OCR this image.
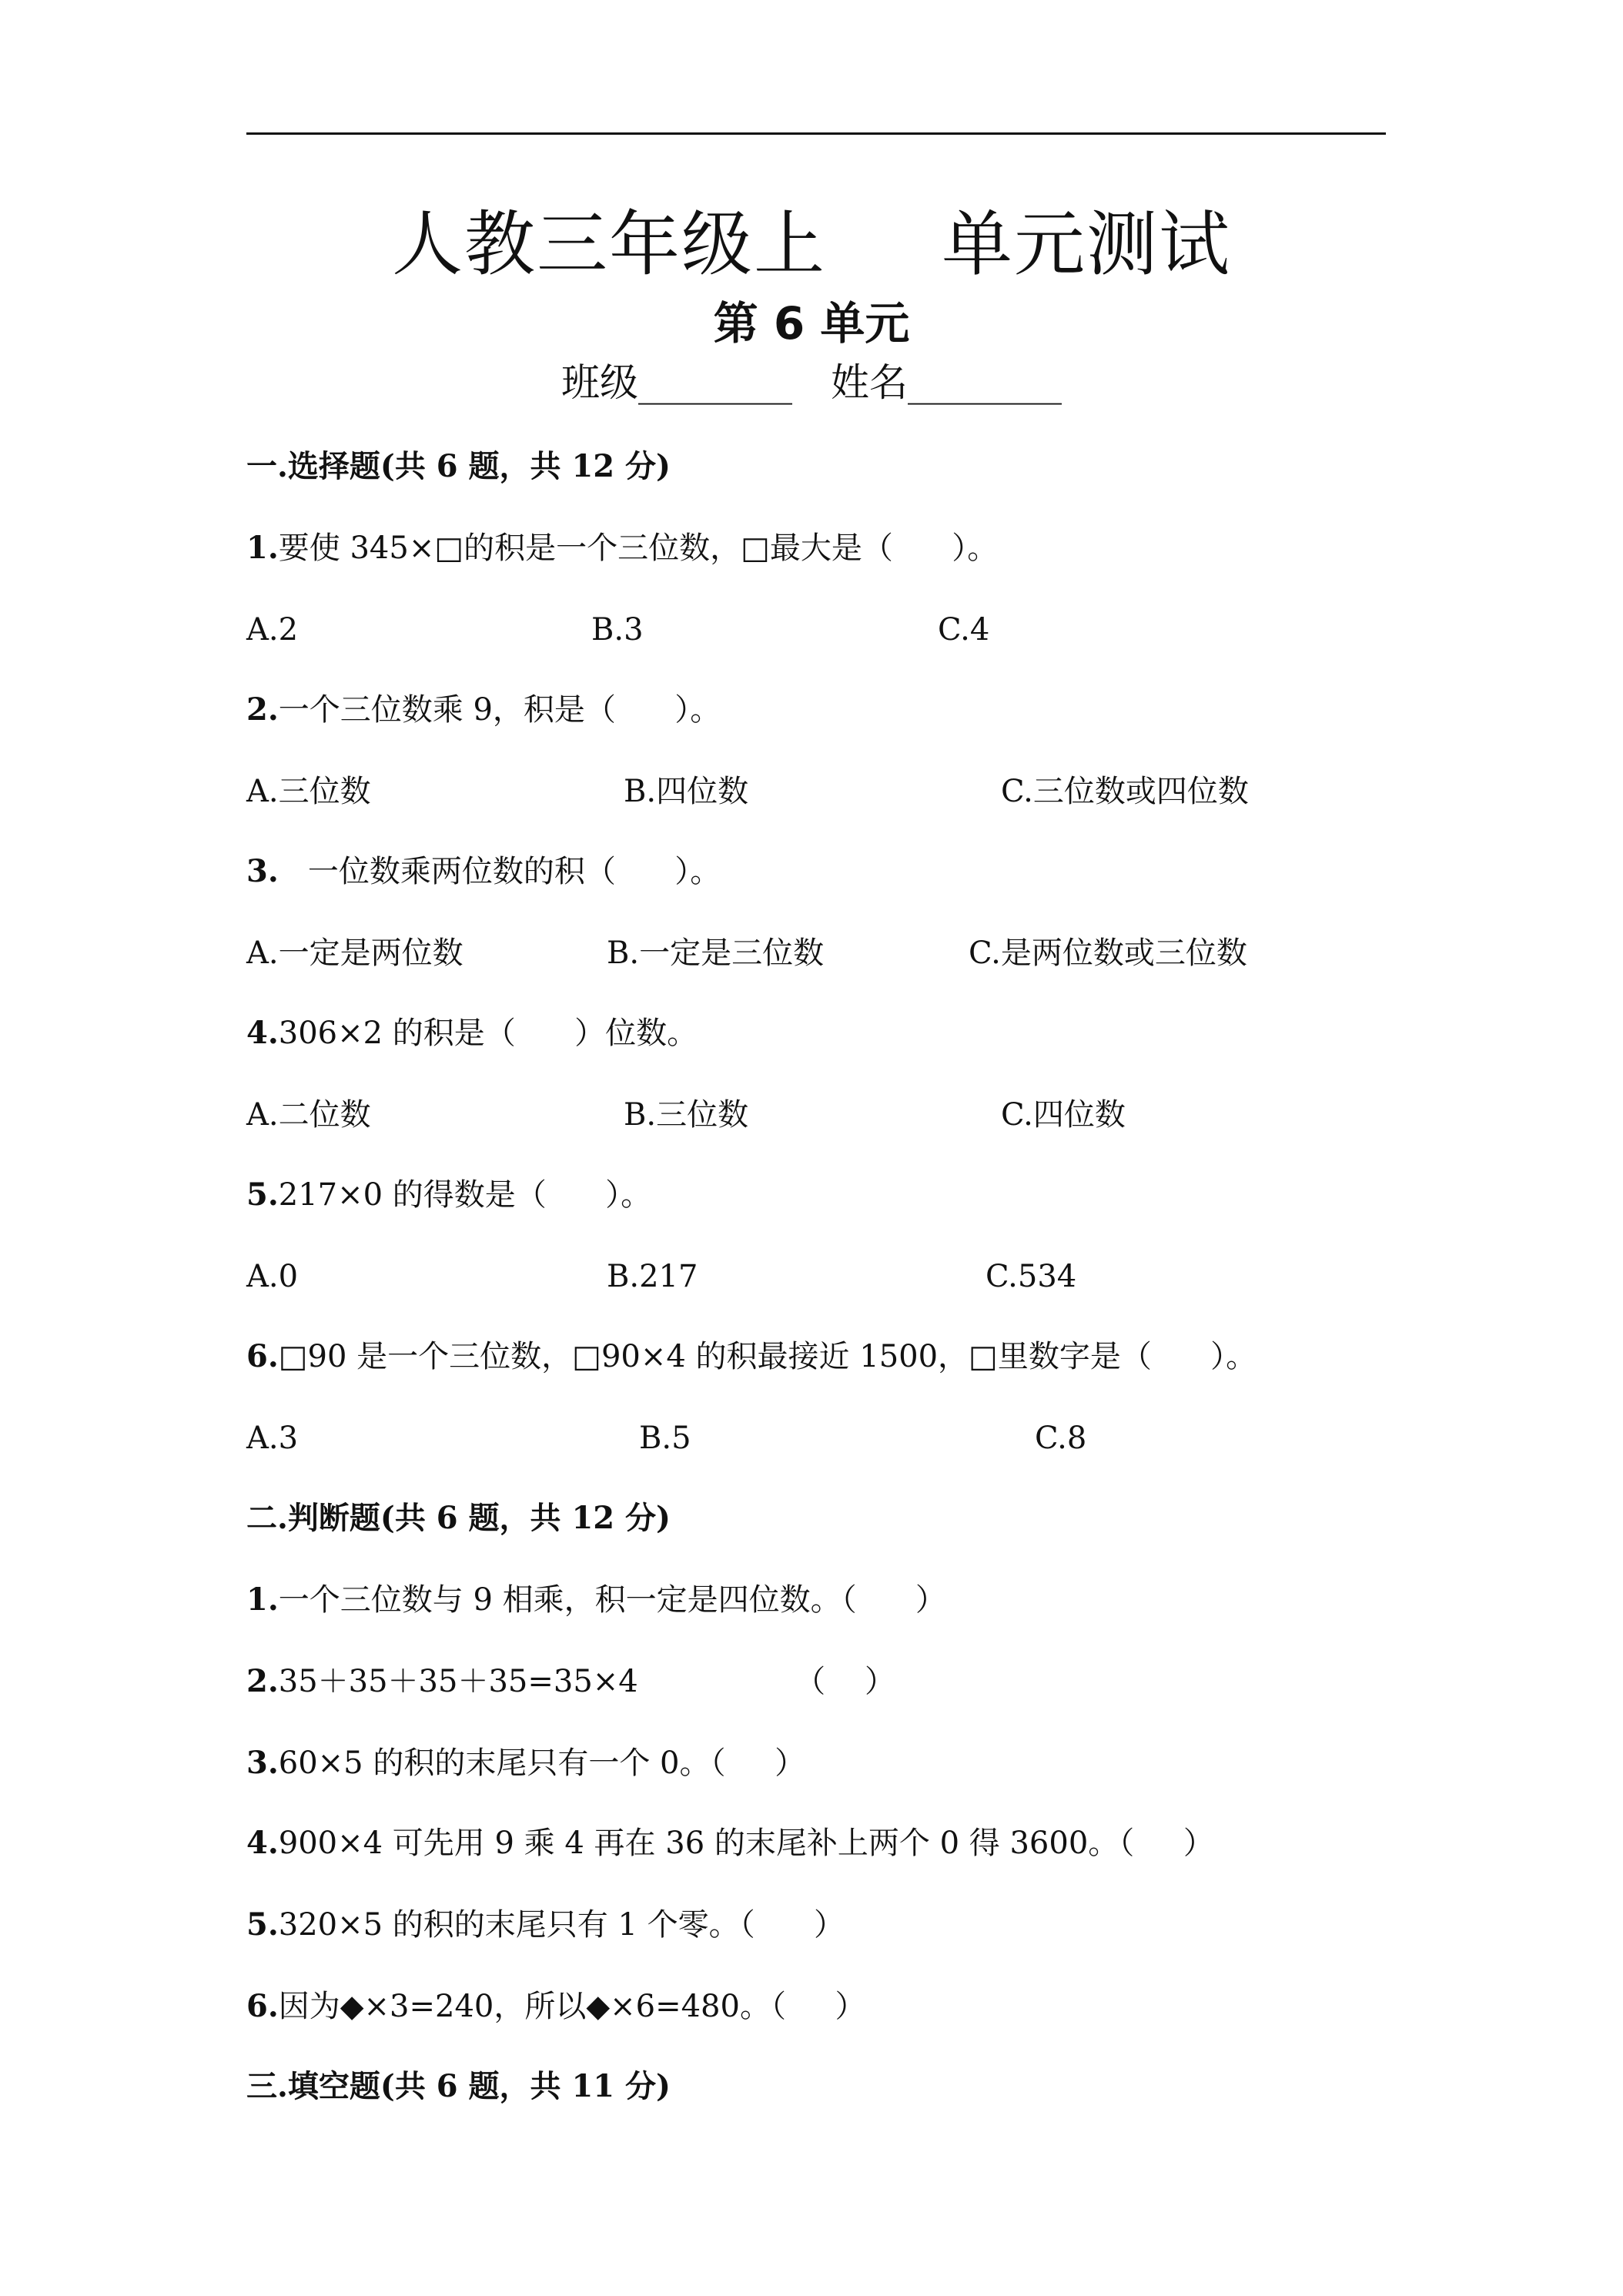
人教三年级上 单元测试
第 6 单元
班级________ 姓名________
一.选择题(共 6 题，共 12 分)
1.要使 345×□的积是一个三位数，□最大是（      ）。
A.2	B.3	C.4
2.一个三位数乘 9，积是（      ）。
A.三位数	B.四位数	C.三位数或四位数
3.   一位数乘两位数的积（      ）。
A.一定是两位数	B.一定是三位数	C.是两位数或三位数
4.306×2 的积是（      ）位数。
A.二位数	B.三位数	C.四位数
5.217×0 的得数是（      ）。
A.0	B.217	C.534
6.□90 是一个三位数，□90×4 的积最接近 1500，□里数字是（      ）。
A.3	B.5	C.8
二.判断题(共 6 题，共 12 分)
1.一个三位数与 9 相乘，积一定是四位数。（      ）
2.35＋35＋35＋35=35×4                （    ）
3.60×5 的积的末尾只有一个 0。（     ）
4.900×4 可先用 9 乘 4 再在 36 的末尾补上两个 0 得 3600。（     ）
5.320×5 的积的末尾只有 1 个零。（      ）
6.因为◆×3=240，所以◆×6=480。（     ）
三.填空题(共 6 题，共 11 分)
